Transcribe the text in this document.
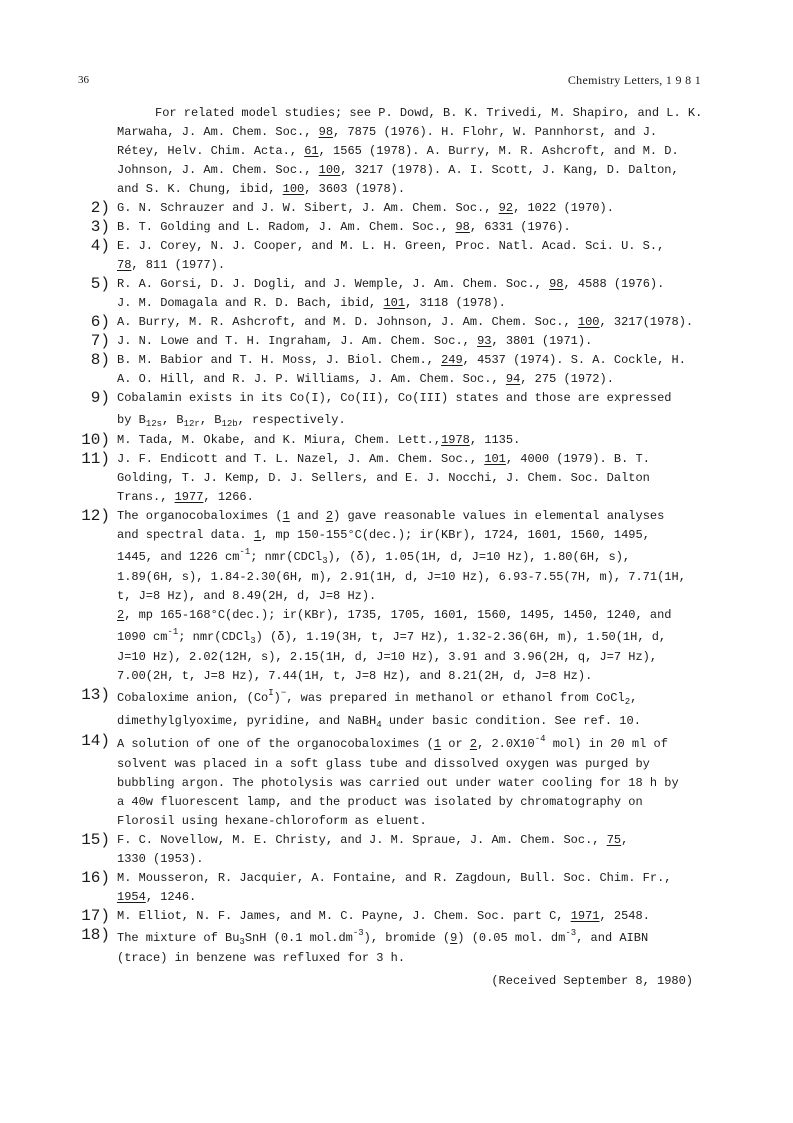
36	Chemistry Letters, 1 9 8 1
For related model studies; see P. Dowd, B. K. Trivedi, M. Shapiro, and L. K.
Marwaha, J. Am. Chem. Soc., 98, 7875 (1976). H. Flohr, W. Pannhorst, and J.
Rétey, Helv. Chim. Acta., 61, 1565 (1978). A. Burry, M. R. Ashcroft, and M. D.
Johnson, J. Am. Chem. Soc., 100, 3217 (1978). A. I. Scott, J. Kang, D. Dalton,
and S. K. Chung, ibid, 100, 3603 (1978).
2) G. N. Schrauzer and J. W. Sibert, J. Am. Chem. Soc., 92, 1022 (1970).
3) B. T. Golding and L. Radom, J. Am. Chem. Soc., 98, 6331 (1976).
4) E. J. Corey, N. J. Cooper, and M. L. H. Green, Proc. Natl. Acad. Sci. U. S.,
78, 811 (1977).
5) R. A. Gorsi, D. J. Dogli, and J. Wemple, J. Am. Chem. Soc., 98, 4588 (1976).
J. M. Domagala and R. D. Bach, ibid, 101, 3118 (1978).
6) A. Burry, M. R. Ashcroft, and M. D. Johnson, J. Am. Chem. Soc., 100, 3217(1978).
7) J. N. Lowe and T. H. Ingraham, J. Am. Chem. Soc., 93, 3801 (1971).
8) B. M. Babior and T. H. Moss, J. Biol. Chem., 249, 4537 (1974). S. A. Cockle, H.
A. O. Hill, and R. J. P. Williams, J. Am. Chem. Soc., 94, 275 (1972).
9) Cobalamin exists in its Co(I), Co(II), Co(III) states and those are expressed
by $B_{12s}$, $B_{12r}$, $B_{12b}$, respectively.
10) M. Tada, M. Okabe, and K. Miura, Chem. Lett.,1978, 1135.
11) J. F. Endicott and T. L. Nazel, J. Am. Chem. Soc., 101, 4000 (1979). B. T.
Golding, T. J. Kemp, D. J. Sellers, and E. J. Nocchi, J. Chem. Soc. Dalton
Trans., 1977, 1266.
12) The organocobaloximes (1 and 2) gave reasonable values in elemental analyses
and spectral data. 1, mp 150-155°C(dec.); ir(KBr), 1724, 1601, 1560, 1495,
1445, and 1226 $cm^{-1}$; nmr(CDCl$_3$), (δ), 1.05(1H, d, J=10 Hz), 1.80(6H, s),
1.89(6H, s), 1.84-2.30(6H, m), 2.91(1H, d, J=10 Hz), 6.93-7.55(7H, m), 7.71(1H,
t, J=8 Hz), and 8.49(2H, d, J=8 Hz).
2, mp 165-168°C(dec.); ir(KBr), 1735, 1705, 1601, 1560, 1495, 1450, 1240, and
1090 $cm^{-1}$; nmr(CDCl$_3$) (δ), 1.19(3H, t, J=7 Hz), 1.32-2.36(6H, m), 1.50(1H, d,
J=10 Hz), 2.02(12H, s), 2.15(1H, d, J=10 Hz), 3.91 and 3.96(2H, q, J=7 Hz),
7.00(2H, t, J=8 Hz), 7.44(1H, t, J=8 Hz), and 8.21(2H, d, J=8 Hz).
13) Cobaloxime anion, $(Co^I)^-$, was prepared in methanol or ethanol from CoCl$_2$,
dimethylglyoxime, pyridine, and NaBH$_4$ under basic condition. See ref. 10.
14) A solution of one of the organocobaloximes (1 or 2, $2.0X10^{-4}$ mol) in 20 ml of
solvent was placed in a soft glass tube and dissolved oxygen was purged by
bubbling argon. The photolysis was carried out under water cooling for 18 h by
a 40w fluorescent lamp, and the product was isolated by chromatography on
Florosil using hexane-chloroform as eluent.
15) F. C. Novellow, M. E. Christy, and J. M. Spraue, J. Am. Chem. Soc., 75,
1330 (1953).
16) M. Mousseron, R. Jacquier, A. Fontaine, and R. Zagdoun, Bull. Soc. Chim. Fr.,
1954, 1246.
17) M. Elliot, N. F. James, and M. C. Payne, J. Chem. Soc. part C, 1971, 2548.
18) The mixture of $Bu_3SnH$ (0.1 $mol.dm^{-3}$), bromide (9) (0.05 mol. $dm^{-3}$, and AIBN
(trace) in benzene was refluxed for 3 h.
(Received September 8, 1980)
